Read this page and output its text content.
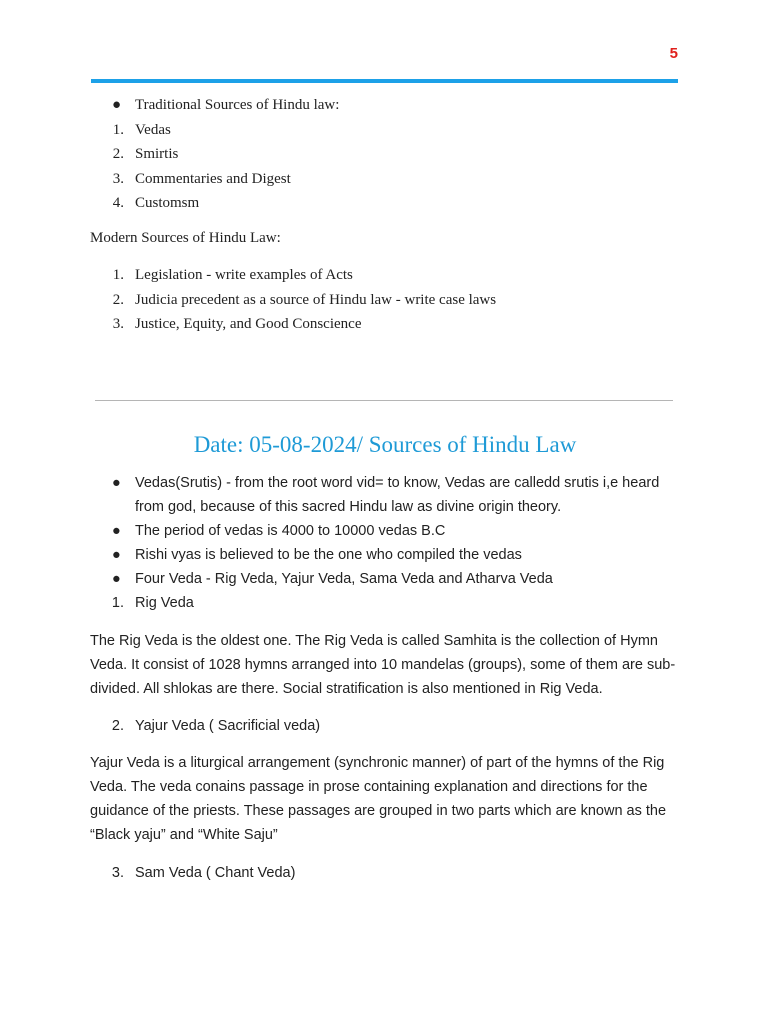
5
● Traditional Sources of Hindu law:
1. Vedas
2. Smirtis
3. Commentaries and Digest
4. Customsm
Modern Sources of Hindu Law:
1. Legislation - write examples of Acts
2. Judicia precedent as a source of Hindu law - write case laws
3. Justice, Equity, and Good Conscience
Date: 05-08-2024/ Sources of Hindu Law
● Vedas(Srutis) - from the root word vid= to know, Vedas are calledd srutis i,e heard from god, because of this sacred Hindu law as divine origin theory.
● The period of vedas is 4000 to 10000 vedas B.C
● Rishi vyas is believed to be the one who compiled the vedas
● Four Veda - Rig Veda, Yajur Veda, Sama Veda and Atharva Veda
1. Rig Veda

The Rig Veda is the oldest one. The Rig Veda is called Samhita is the collection of Hymn Veda. It consist of 1028 hymns arranged into 10 mandelas (groups), some of them are sub-divided. All shlokas are there. Social stratification is also mentioned in Rig Veda.

2. Yajur Veda ( Sacrificial veda)

Yajur Veda is a liturgical arrangement (synchronic manner) of part of the hymns of the Rig Veda. The veda conains passage in prose containing explanation and directions for the guidance of the priests. These passages are grouped in two parts which are known as the “Black yaju” and “White Saju”

3. Sam Veda ( Chant Veda)
